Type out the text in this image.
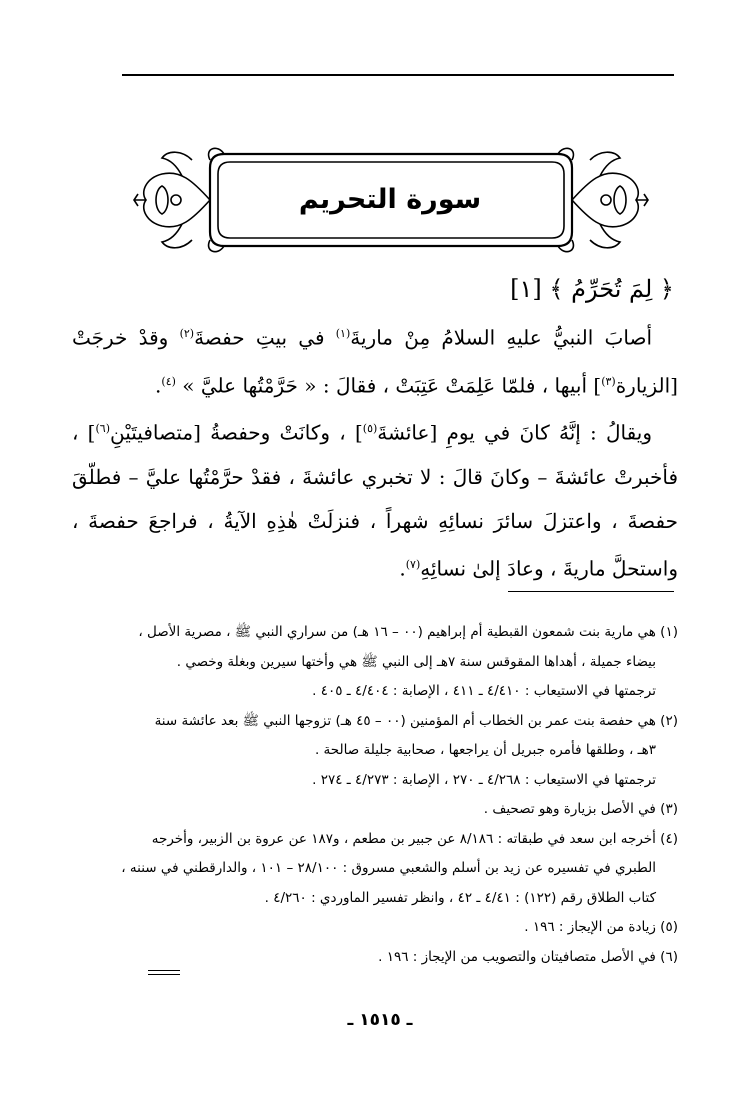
سورة التحريم
﴿ لِمَ تُحَرِّمُ ﴾ [١]

أصابَ النبيُّ عليهِ السلامُ مِنْ ماريةَ$^{(١)}$ في بيتِ حفصةَ$^{(٢)}$ وقدْ خرجَتْ [الزيارة$^{(٣)}$] أبيها ، فلمّا عَلِمَتْ عَتِبَتْ ، فقالَ : « حَرَّمْتُها عليَّ » $^{(٤)}$.

ويقالُ : إنَّهُ كانَ في يومِ [عائشةَ$^{(٥)}$] ، وكانَتْ وحفصةُ [متصافيتَيْنِ$^{(٦)}$] ، فأخبرتْ عائشةَ – وكانَ قالَ : لا تخبري عائشةَ ، فقدْ حرَّمْتُها عليَّ – فطلّقَ حفصةَ ، واعتزلَ سائرَ نسائِهِ شهراً ، فنزلَتْ هٰذِهِ الآيةُ ، فراجعَ حفصةَ ، واستحلَّ ماريةَ ، وعادَ إلىٰ نسائِهِ$^{(٧)}$.

(١) هي مارية بنت شمعون القبطية أم إبراهيم (٠٠ – ١٦ هـ) من سراري النبي ﷺ ، مصرية الأصل ،

بيضاء جميلة ، أهداها المقوقس سنة ٧هـ إلى النبي ﷺ هي وأختها سيرين وبغلة وخصي .

ترجمتها في الاستيعاب : ٤/٤١٠ ـ ٤١١ ، الإصابة : ٤/٤٠٤ ـ ٤٠٥ .

(٢) هي حفصة بنت عمر بن الخطاب أم المؤمنين (٠٠ – ٤٥ هـ) تزوجها النبي ﷺ بعد عائشة سنة

٣هـ ، وطلقها فأمره جبريل أن يراجعها ، صحابية جليلة صالحة .

ترجمتها في الاستيعاب : ٤/٢٦٨ ـ ٢٧٠ ، الإصابة : ٤/٢٧٣ ـ ٢٧٤ .

(٣) في الأصل بزيارة وهو تصحيف .

(٤) أخرجه ابن سعد في طبقاته : ٨/١٨٦ عن جبير بن مطعم ، و١٨٧ عن عروة بن الزبير، وأخرجه

الطبري في تفسيره عن زيد بن أسلم والشعبي مسروق : ٢٨/١٠٠ – ١٠١ ، والدارقطني في سننه ،

كتاب الطلاق رقم (١٢٢) : ٤/٤١ ـ ٤٢ ، وانظر تفسير الماوردي : ٤/٢٦٠ .

(٥) زيادة من الإيجاز : ١٩٦ .

(٦) في الأصل متصافيتان والتصويب من الإيجاز : ١٩٦ .

ـ ١٥١٥ ـ
